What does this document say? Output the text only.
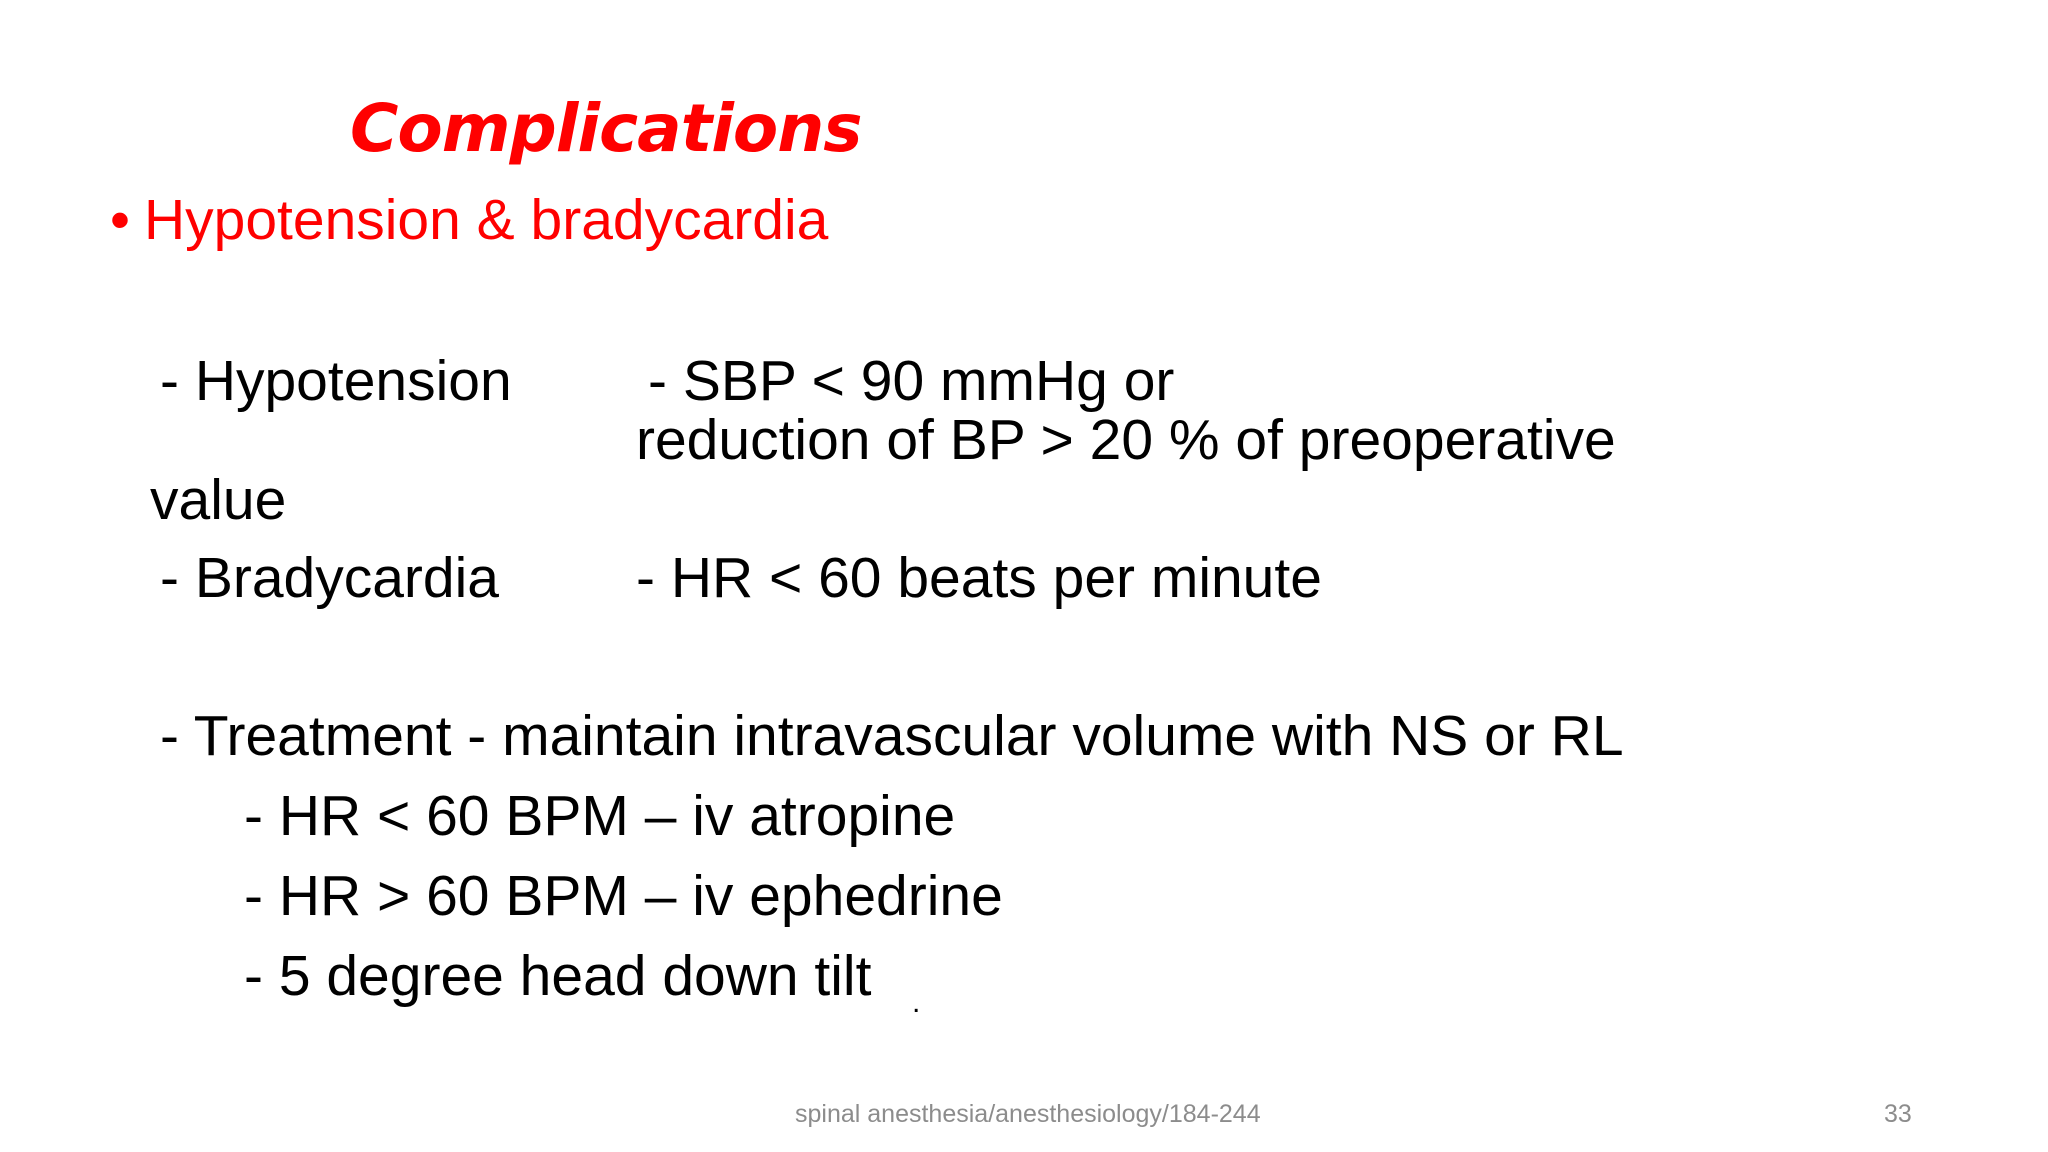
Complications
• Hypotension & bradycardia
- Hypotension - SBP < 90 mmHg or
reduction of BP > 20 % of preoperative
value
- Bradycardia - HR < 60 beats per minute
- Treatment - maintain intravascular volume with NS or RL
- HR < 60 BPM – iv atropine
- HR > 60 BPM – iv ephedrine
- 5 degree head down tilt .
spinal anesthesia/anesthesiology/184-244	33
